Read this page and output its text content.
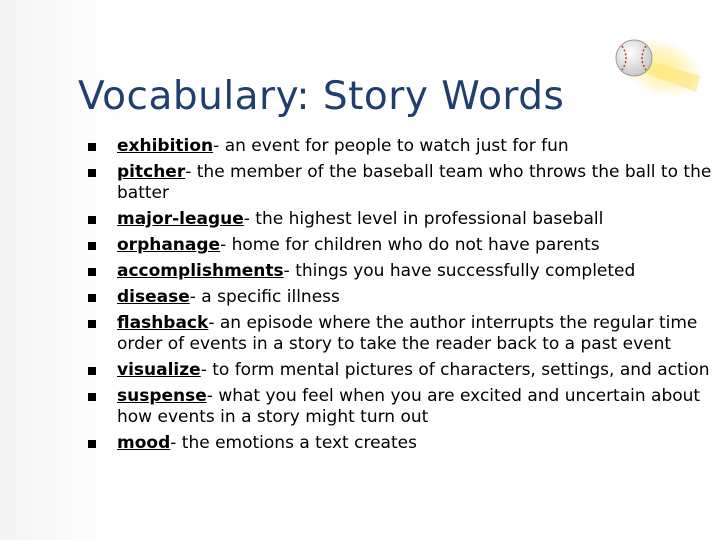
Vocabulary: Story Words
exhibition- an event for people to watch just for fun
pitcher- the member of the baseball team who throws the ball to the batter
major-league- the highest level in professional baseball
orphanage- home for children who do not have parents
accomplishments- things you have successfully completed
disease- a specific illness
flashback- an episode where the author interrupts the regular time order of events in a story to take the reader back to a past event
visualize- to form mental pictures of characters, settings, and action
suspense- what you feel when you are excited and uncertain about how events in a story might turn out
mood- the emotions a text creates
